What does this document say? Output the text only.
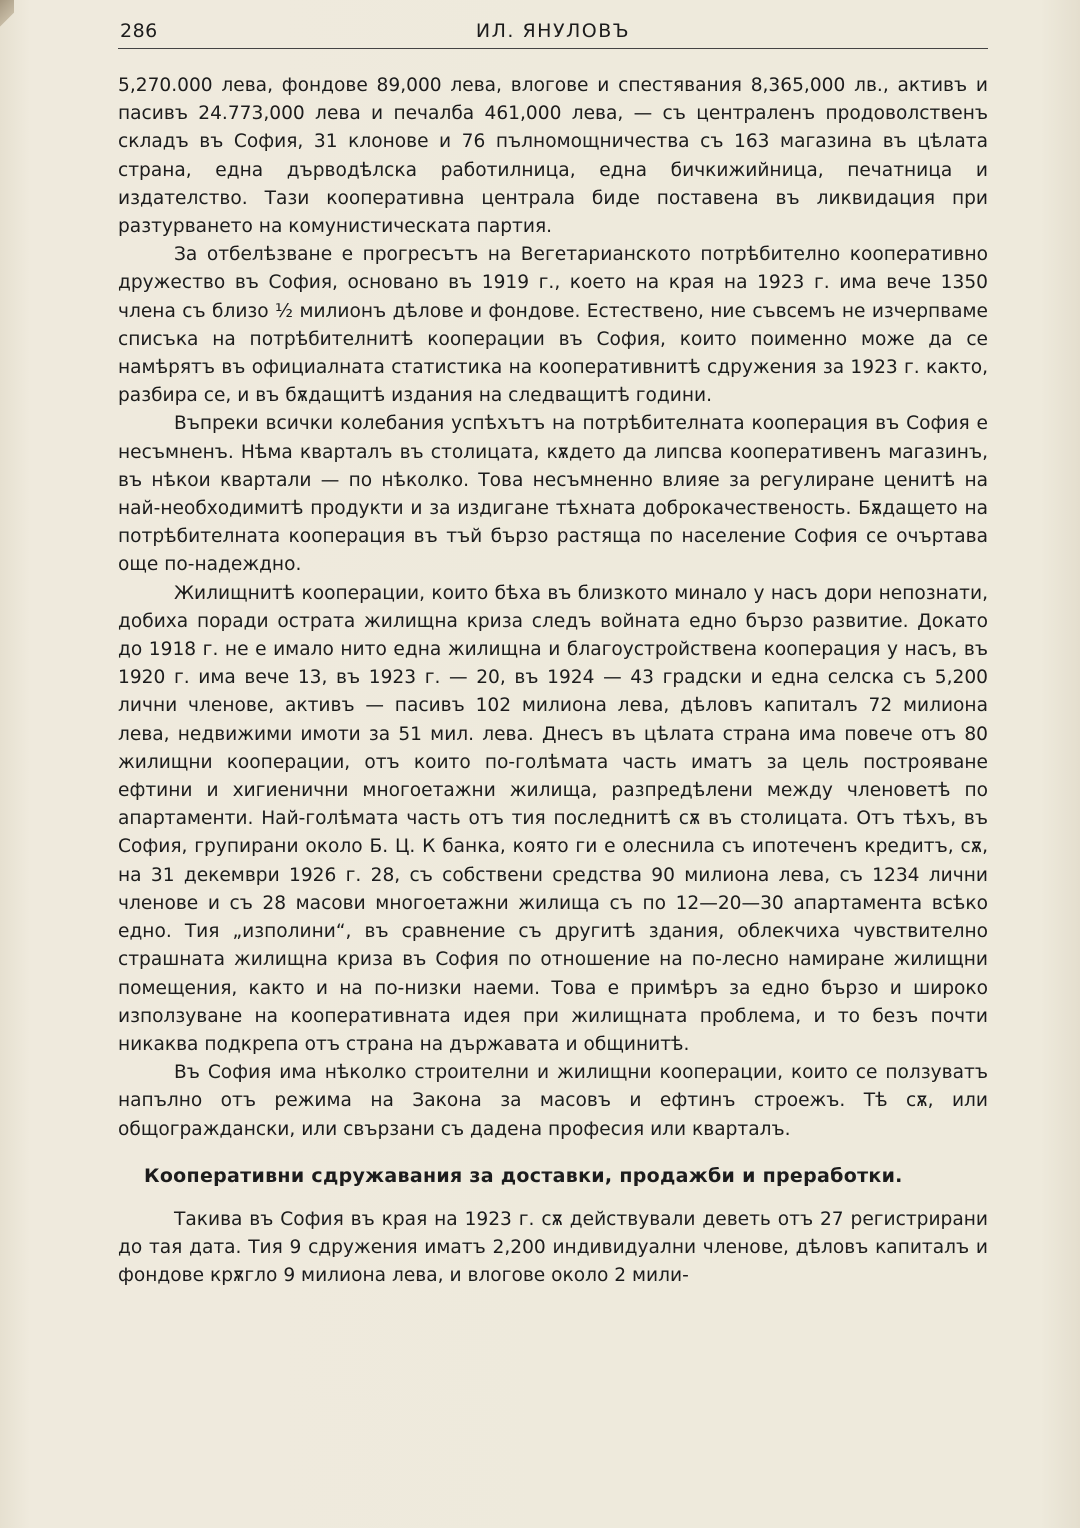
286	ИЛ. ЯНУЛОВЪ

5,270.000 лева, фондове 89,000 лева, влогове и спестявания 8,365,000 лв., активъ и пасивъ 24.773,000 лева и печалба 461,000 лева, — съ централенъ продоволственъ складъ въ София, 31 клонове и 76 пълномощничества съ 163 магазина въ цѣлата страна, една дърводѣлска работилница, една бичкижийница, печатница и издателство. Тази кооперативна централа биде поставена въ ликвидация при разтурването на комунистическата партия.

За отбелѣзване е прогресътъ на Вегетарианското потрѣбително кооперативно дружество въ София, основано въ 1919 г., което на края на 1923 г. има вече 1350 члена съ близо ½ милионъ дѣлове и фондове. Естествено, ние съвсемъ не изчерпваме списъка на потрѣбителнитѣ кооперации въ София, които поименно може да се намѣрятъ въ официалната статистика на кооперативнитѣ сдружения за 1923 г. както, разбира се, и въ бѫдащитѣ издания на следващитѣ години.

Въпреки всички колебания успѣхътъ на потрѣбителната кооперация въ София е несъмненъ. Нѣма кварталъ въ столицата, кѫдето да липсва кооперативенъ магазинъ, въ нѣкои квартали — по нѣколко. Това несъмненно влияе за регулиране ценитѣ на най-необходимитѣ продукти и за издигане тѣхната доброкачественость. Бѫдащето на потрѣбителната кооперация въ тъй бързо растяща по население София се очъртава още по-надеждно.

Жилищнитѣ кооперации, които бѣха въ близкото минало у насъ дори непознати, добиха поради острата жилищна криза следъ войната едно бързо развитие. Докато до 1918 г. не е имало нито една жилищна и благоустройствена кооперация у насъ, въ 1920 г. има вече 13, въ 1923 г. — 20, въ 1924 — 43 градски и една селска съ 5,200 лични членове, активъ — пасивъ 102 милиона лева, дѣловъ капиталъ 72 милиона лева, недвижими имоти за 51 мил. лева. Днесъ въ цѣлата страна има повече отъ 80 жилищни кооперации, отъ които по-голѣмата часть иматъ за цель построяване ефтини и хигиенични многоетажни жилища, разпредѣлени между членоветѣ по апартаменти. Най-голѣмата часть отъ тия последнитѣ сѫ въ столицата. Отъ тѣхъ, въ София, групирани около Б. Ц. К банка, която ги е олеснила съ ипотеченъ кредитъ, сѫ, на 31 декември 1926 г. 28, съ собствени средства 90 милиона лева, съ 1234 лични членове и съ 28 масови многоетажни жилища съ по 12—20—30 апартамента всѣко едно. Тия „изполини“, въ сравнение съ другитѣ здания, облекчиха чувствително страшната жилищна криза въ София по отношение на по-лесно намиране жилищни помещения, както и на по-низки наеми. Това е примѣръ за едно бързо и широко използуване на кооперативната идея при жилищната проблема, и то безъ почти никаква подкрепа отъ страна на държавата и общинитѣ.

Въ София има нѣколко строителни и жилищни кооперации, които се ползуватъ напълно отъ режима на Закона за масовъ и ефтинъ строежъ. Тѣ сѫ, или общограждански, или свързани съ дадена професия или кварталъ.

Кооперативни сдружавания за доставки, продажби и преработки.

Такива въ София въ края на 1923 г. сѫ действували деветь отъ 27 регистрирани до тая дата. Тия 9 сдружения иматъ 2,200 индивидуални членове, дѣловъ капиталъ и фондове крѫгло 9 милиона лева, и влогове около 2 мили-
